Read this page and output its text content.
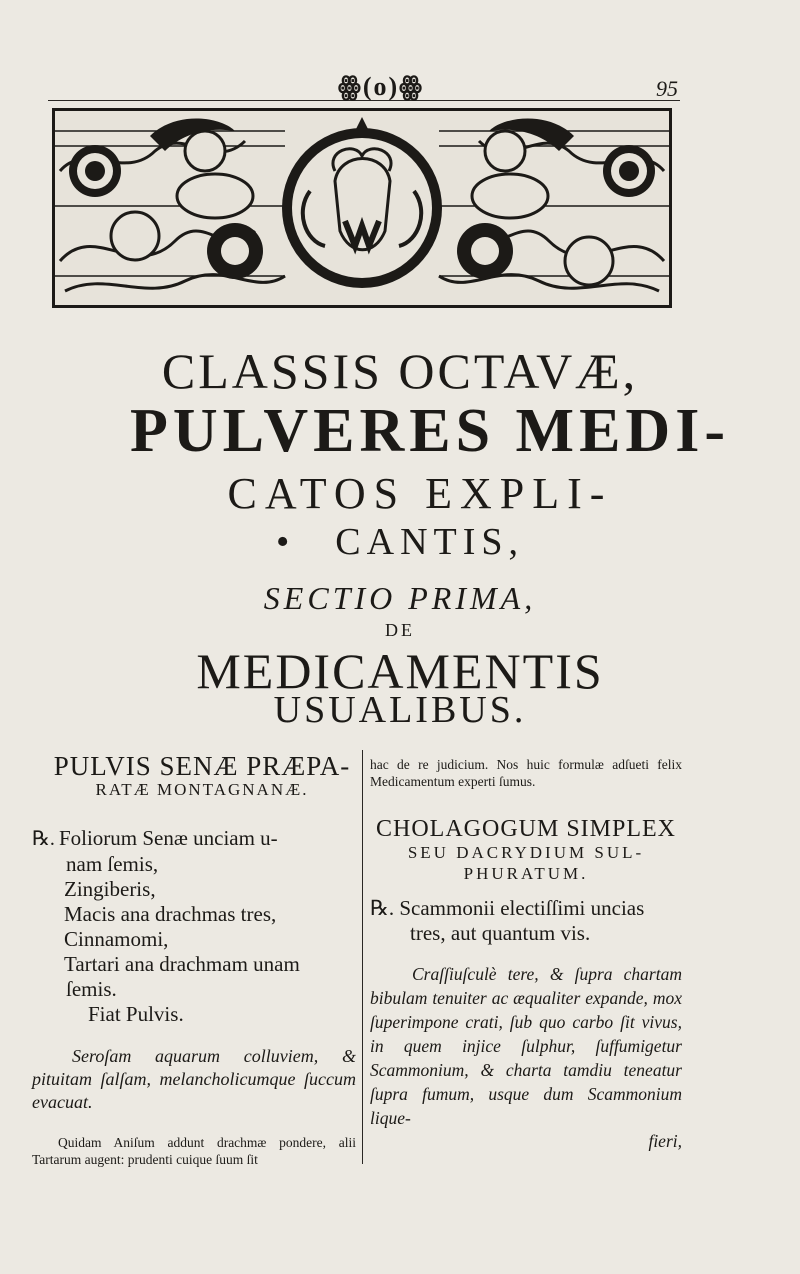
ꙮ(o)ꙮ	95
CLASSIS OCTAVÆ,
PULVERES MEDI-
CATOS EXPLI-
• CANTIS,
SECTIO PRIMA,
DE
MEDICAMENTIS
USUALIBUS.
PULVIS SENÆ PRÆPA-
RATÆ MONTAGNANÆ.
℞. Foliorum Senæ unciam u-
nam ſemis,
Zingiberis,
Macis ana drachmas tres,
Cinnamomi,
Tartari ana drachmam unam
ſemis.
Fiat Pulvis.
Seroſam aquarum colluviem, & pituitam ſalſam, melancholicumque ſuccum evacuat.
Quidam Aniſum addunt drachmæ pondere, alii Tartarum augent: prudenti cuique ſuum ſit
hac de re judicium. Nos huic formulæ adſueti felix Medicamentum experti ſumus.
CHOLAGOGUM SIMPLEX
SEU DACRYDIUM SUL-
PHURATUM.
℞. Scammonii electiſſimi uncias
tres, aut quantum vis.
Craſſiuſculè tere, & ſupra chartam bibulam tenuiter ac æqualiter expande, mox ſuperimpone crati, ſub quo carbo ſit vivus, in quem injice ſulphur, ſuffumigetur Scammonium, & charta tamdiu teneatur ſupra fumum, usque dum Scammonium lique-
fieri,
